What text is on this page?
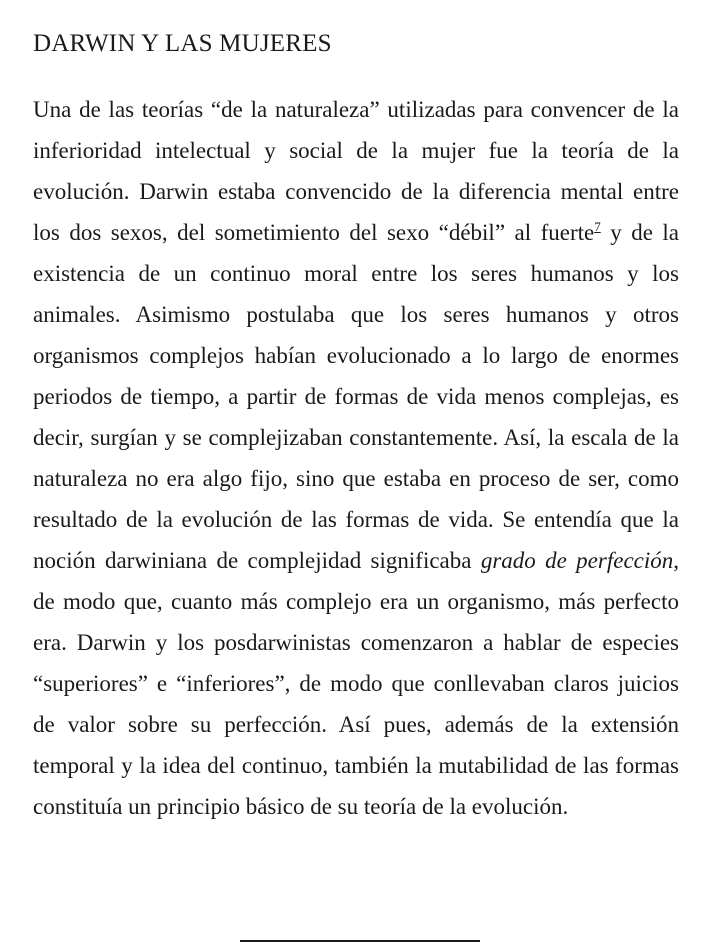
DARWIN Y LAS MUJERES

Una de las teorías “de la naturaleza” utilizadas para convencer de la inferioridad intelectual y social de la mujer fue la teoría de la evolución. Darwin estaba convencido de la diferencia mental entre los dos sexos, del sometimiento del sexo “débil” al fuerte$^7$ y de la existencia de un continuo moral entre los seres humanos y los animales. Asimismo postulaba que los seres humanos y otros organismos complejos habían evolucionado a lo largo de enormes periodos de tiempo, a partir de formas de vida menos complejas, es decir, surgían y se complejizaban constantemente. Así, la escala de la naturaleza no era algo fijo, sino que estaba en proceso de ser, como resultado de la evolución de las formas de vida. Se entendía que la noción darwiniana de complejidad significaba grado de perfección, de modo que, cuanto más complejo era un organismo, más perfecto era. Darwin y los posdarwinistas comenzaron a hablar de especies “superiores” e “inferiores”, de modo que conllevaban claros juicios de valor sobre su perfección. Así pues, además de la extensión temporal y la idea del continuo, también la mutabilidad de las formas constituía un principio básico de su teoría de la evolución.
